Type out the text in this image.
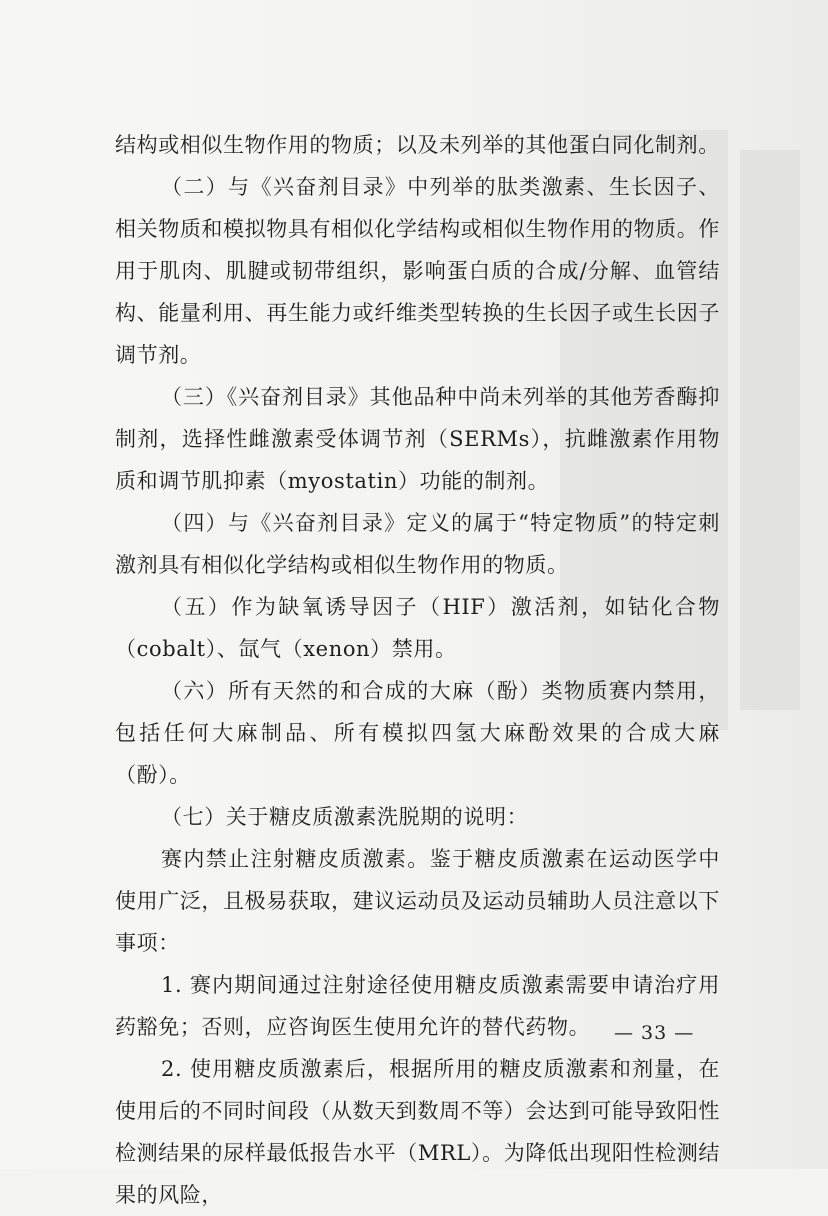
结构或相似生物作用的物质；以及未列举的其他蛋白同化制剂。

（二）与《兴奋剂目录》中列举的肽类激素、生长因子、相关物质和模拟物具有相似化学结构或相似生物作用的物质。作用于肌肉、肌腱或韧带组织，影响蛋白质的合成/分解、血管结构、能量利用、再生能力或纤维类型转换的生长因子或生长因子调节剂。

（三）《兴奋剂目录》其他品种中尚未列举的其他芳香酶抑制剂，选择性雌激素受体调节剂（SERMs），抗雌激素作用物质和调节肌抑素（myostatin）功能的制剂。

（四）与《兴奋剂目录》定义的属于“特定物质”的特定刺激剂具有相似化学结构或相似生物作用的物质。

（五）作为缺氧诱导因子（HIF）激活剂，如钴化合物（cobalt）、氙气（xenon）禁用。

（六）所有天然的和合成的大麻（酚）类物质赛内禁用，包括任何大麻制品、所有模拟四氢大麻酚效果的合成大麻（酚）。

（七）关于糖皮质激素洗脱期的说明：

赛内禁止注射糖皮质激素。鉴于糖皮质激素在运动医学中使用广泛，且极易获取，建议运动员及运动员辅助人员注意以下事项：

1. 赛内期间通过注射途径使用糖皮质激素需要申请治疗用药豁免；否则，应咨询医生使用允许的替代药物。

2. 使用糖皮质激素后，根据所用的糖皮质激素和剂量，在使用后的不同时间段（从数天到数周不等）会达到可能导致阳性检测结果的尿样最低报告水平（MRL）。为降低出现阳性检测结果的风险，

— 33 —
